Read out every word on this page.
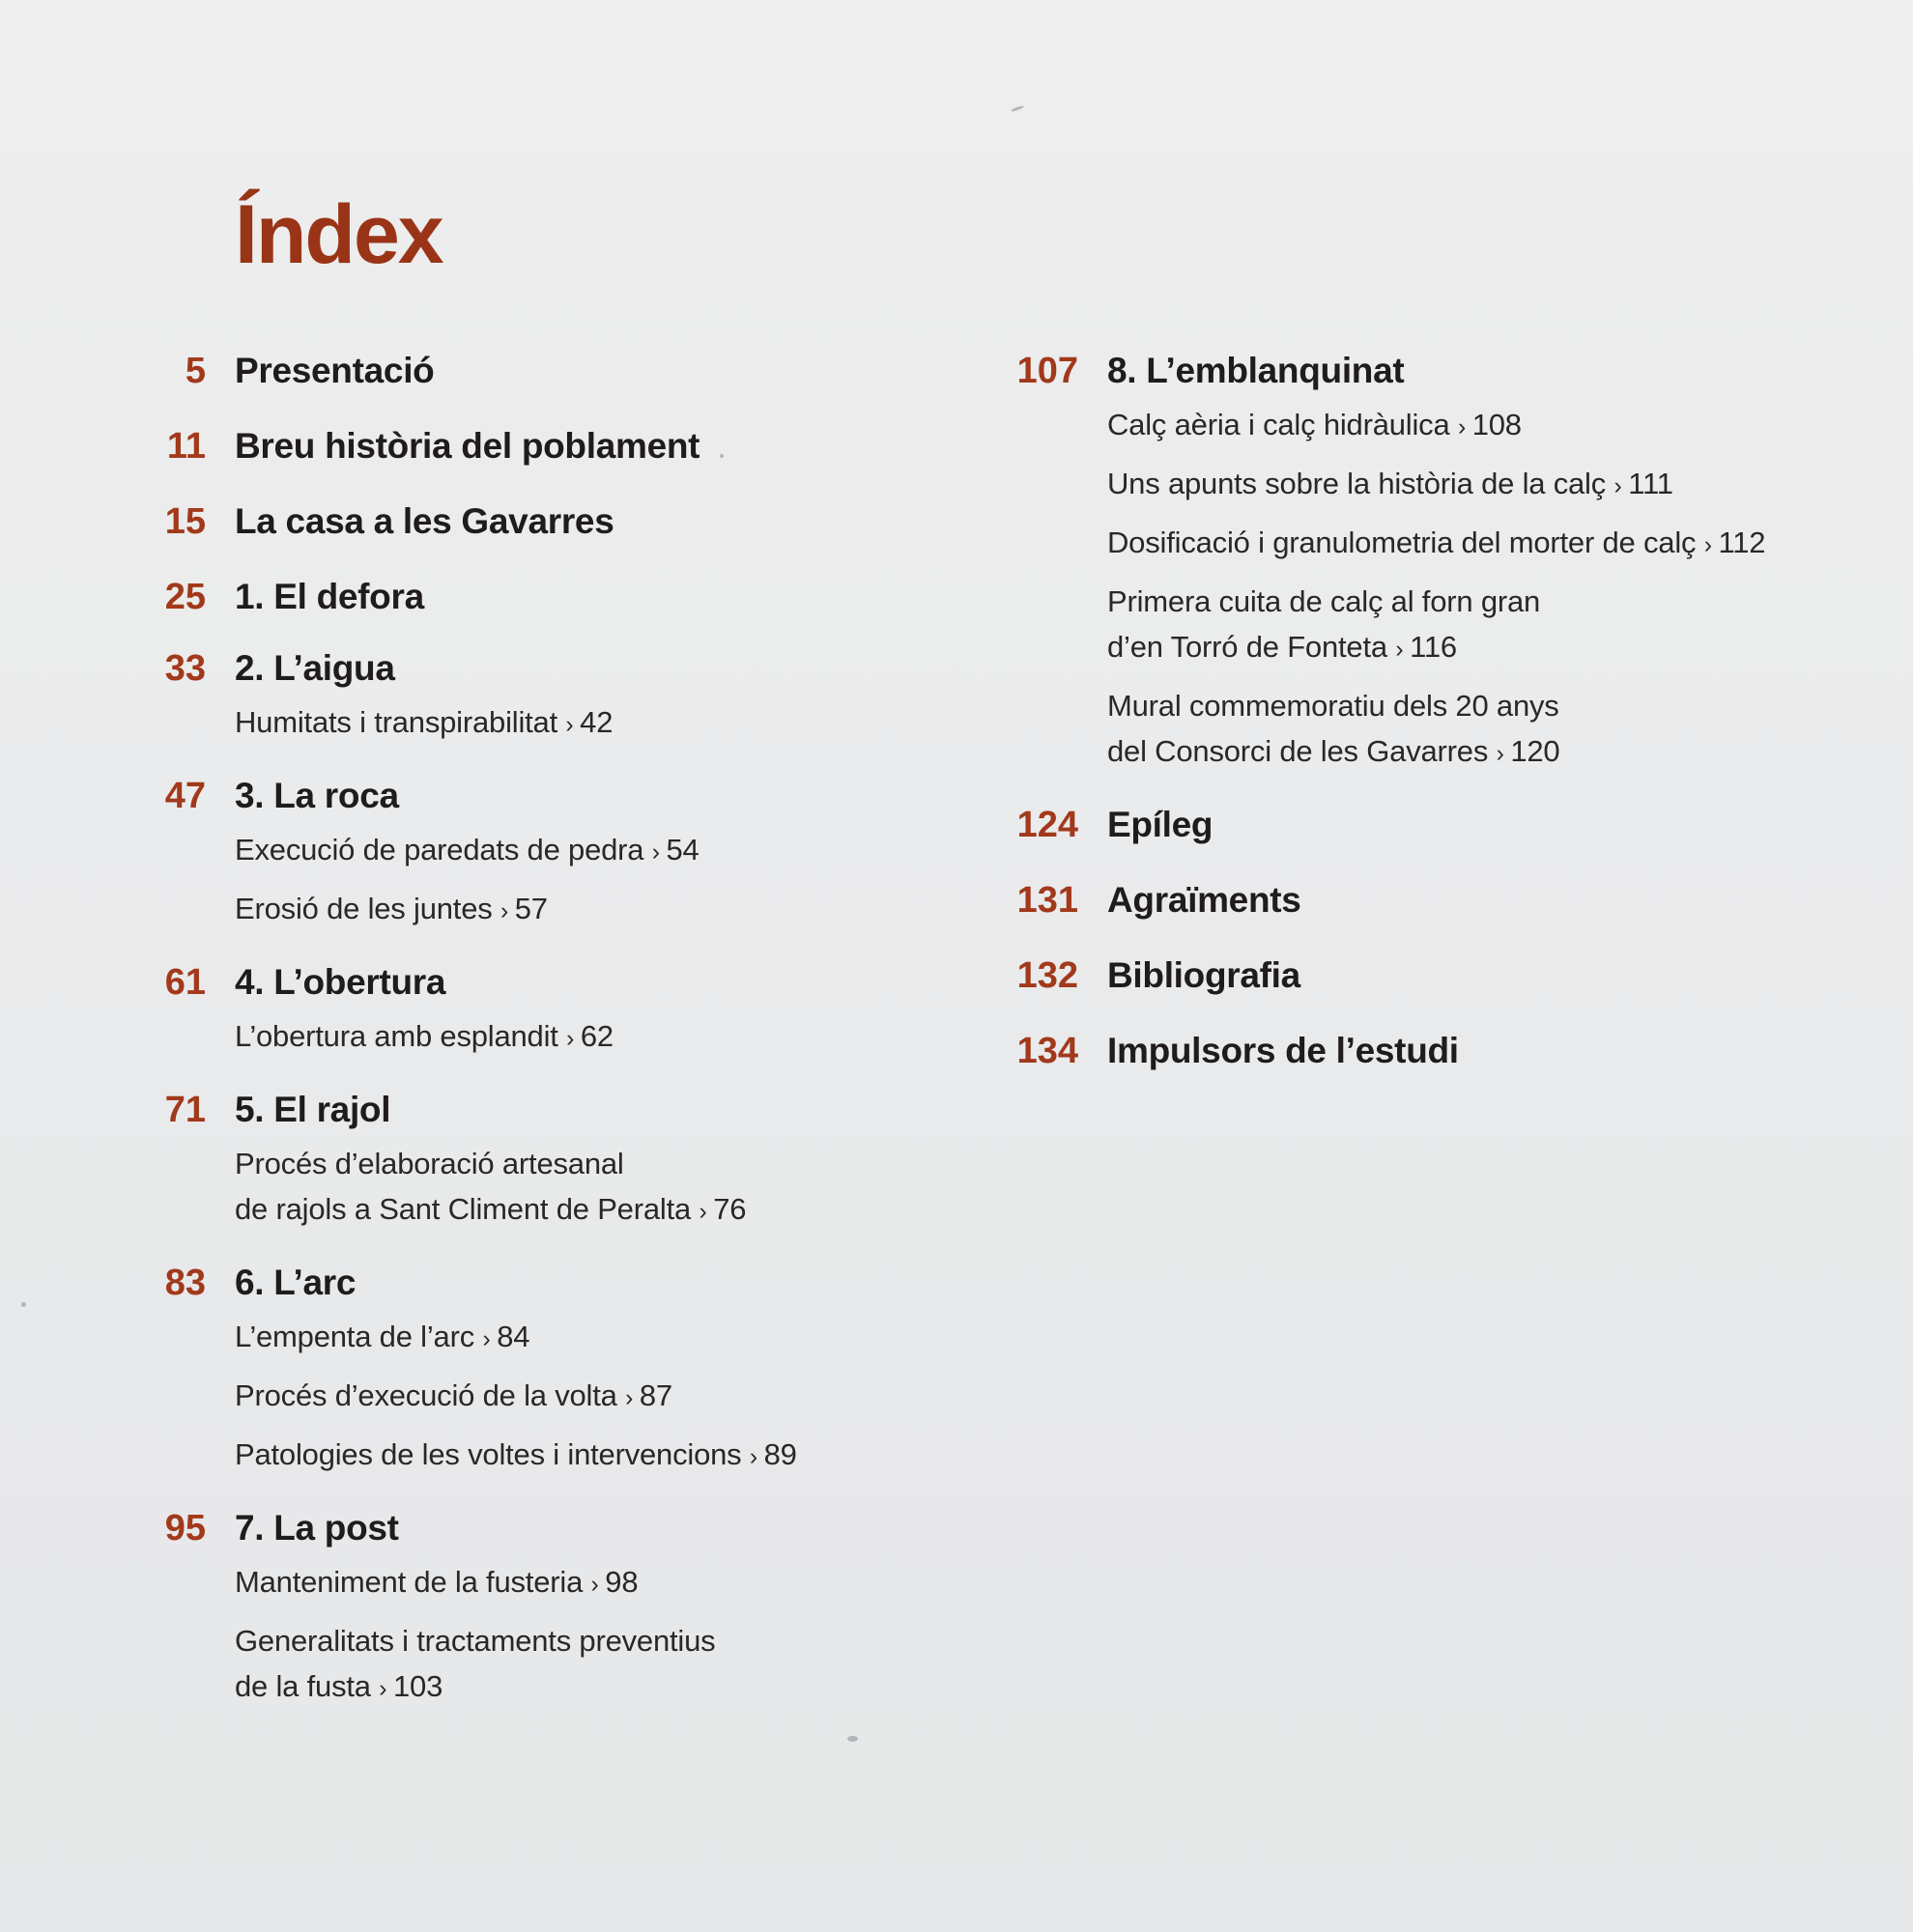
Índex
5 Presentació
11 Breu història del poblament
15 La casa a les Gavarres
25 1. El defora
33 2. L’aigua
Humitats i transpirabilitat › 42
47 3. La roca
Execució de paredats de pedra › 54
Erosió de les juntes › 57
61 4. L’obertura
L’obertura amb esplandit › 62
71 5. El rajol
Procés d’elaboració artesanal
de rajols a Sant Climent de Peralta › 76
83 6. L’arc
L’empenta de l’arc › 84
Procés d’execució de la volta › 87
Patologies de les voltes i intervencions › 89
95 7. La post
Manteniment de la fusteria › 98
Generalitats i tractaments preventius
de la fusta › 103
107 8. L’emblanquinat
Calç aèria i calç hidràulica › 108
Uns apunts sobre la història de la calç › 111
Dosificació i granulometria del morter de calç › 112
Primera cuita de calç al forn gran
d’en Torró de Fonteta › 116
Mural commemoratiu dels 20 anys
del Consorci de les Gavarres › 120
124 Epíleg
131 Agraïments
132 Bibliografia
134 Impulsors de l’estudi
